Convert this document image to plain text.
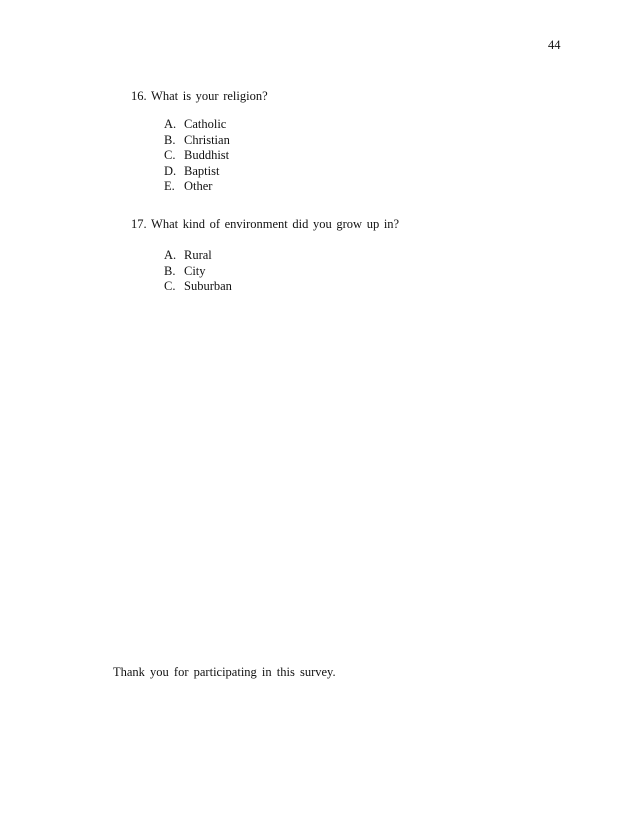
44
16. What is your religion?
A. Catholic
B. Christian
C. Buddhist
D. Baptist
E. Other
17. What kind of environment did you grow up in?
A. Rural
B. City
C. Suburban
Thank you for participating in this survey.
